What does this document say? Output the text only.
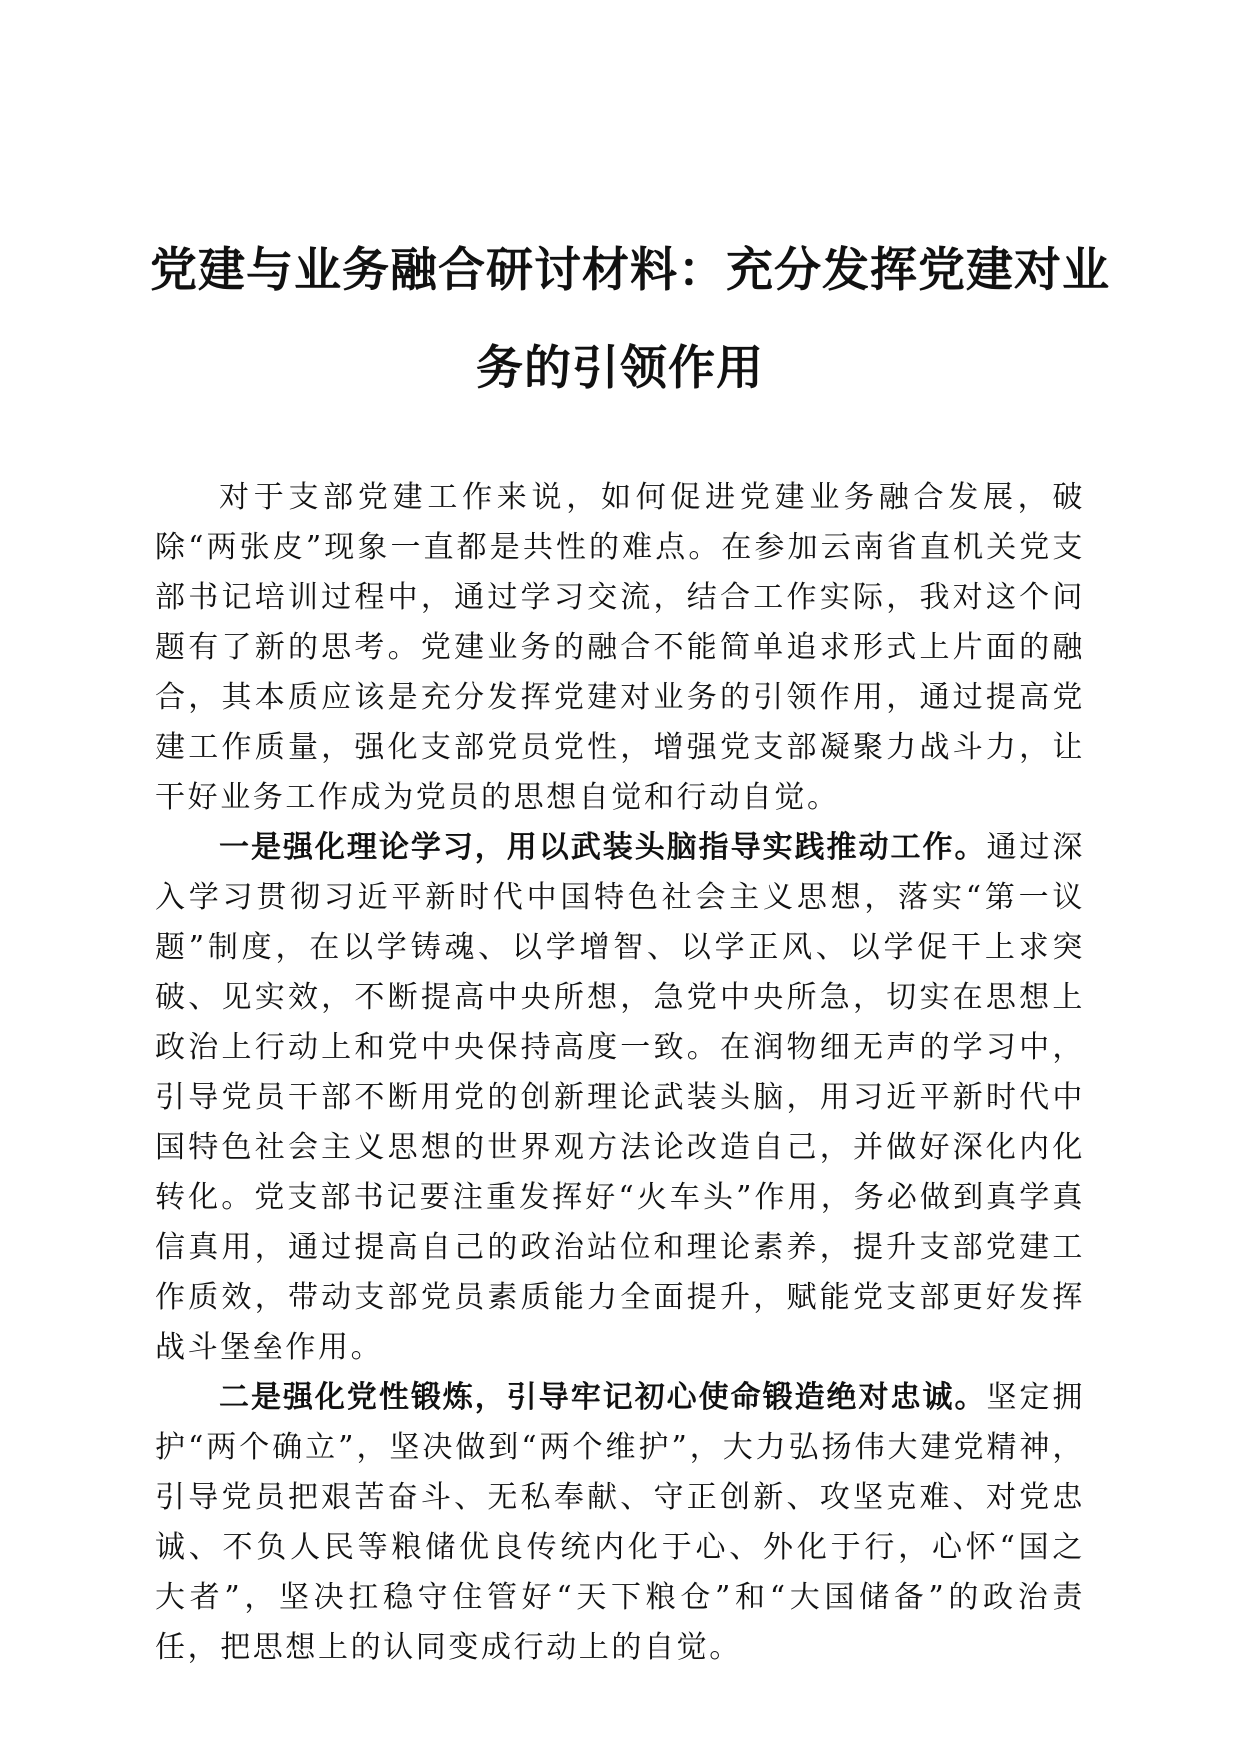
党建与业务融合研讨材料：充分发挥党建对业
务的引领作用

对于支部党建工作来说，如何促进党建业务融合发展，破除“两张皮”现象一直都是共性的难点。在参加云南省直机关党支部书记培训过程中，通过学习交流，结合工作实际，我对这个问题有了新的思考。党建业务的融合不能简单追求形式上片面的融合，其本质应该是充分发挥党建对业务的引领作用，通过提高党建工作质量，强化支部党员党性，增强党支部凝聚力战斗力，让干好业务工作成为党员的思想自觉和行动自觉。

一是强化理论学习，用以武装头脑指导实践推动工作。通过深入学习贯彻习近平新时代中国特色社会主义思想，落实“第一议题”制度，在以学铸魂、以学增智、以学正风、以学促干上求突破、见实效，不断提高中央所想，急党中央所急，切实在思想上政治上行动上和党中央保持高度一致。在润物细无声的学习中，引导党员干部不断用党的创新理论武装头脑，用习近平新时代中国特色社会主义思想的世界观方法论改造自己，并做好深化内化转化。党支部书记要注重发挥好“火车头”作用，务必做到真学真信真用，通过提高自己的政治站位和理论素养，提升支部党建工作质效，带动支部党员素质能力全面提升，赋能党支部更好发挥战斗堡垒作用。

二是强化党性锻炼，引导牢记初心使命锻造绝对忠诚。坚定拥护“两个确立”，坚决做到“两个维护”，大力弘扬伟大建党精神，引导党员把艰苦奋斗、无私奉献、守正创新、攻坚克难、对党忠诚、不负人民等粮储优良传统内化于心、外化于行，心怀“国之大者”，坚决扛稳守住管好“天下粮仓”和“大国储备”的政治责任，把思想上的认同变成行动上的自觉。
